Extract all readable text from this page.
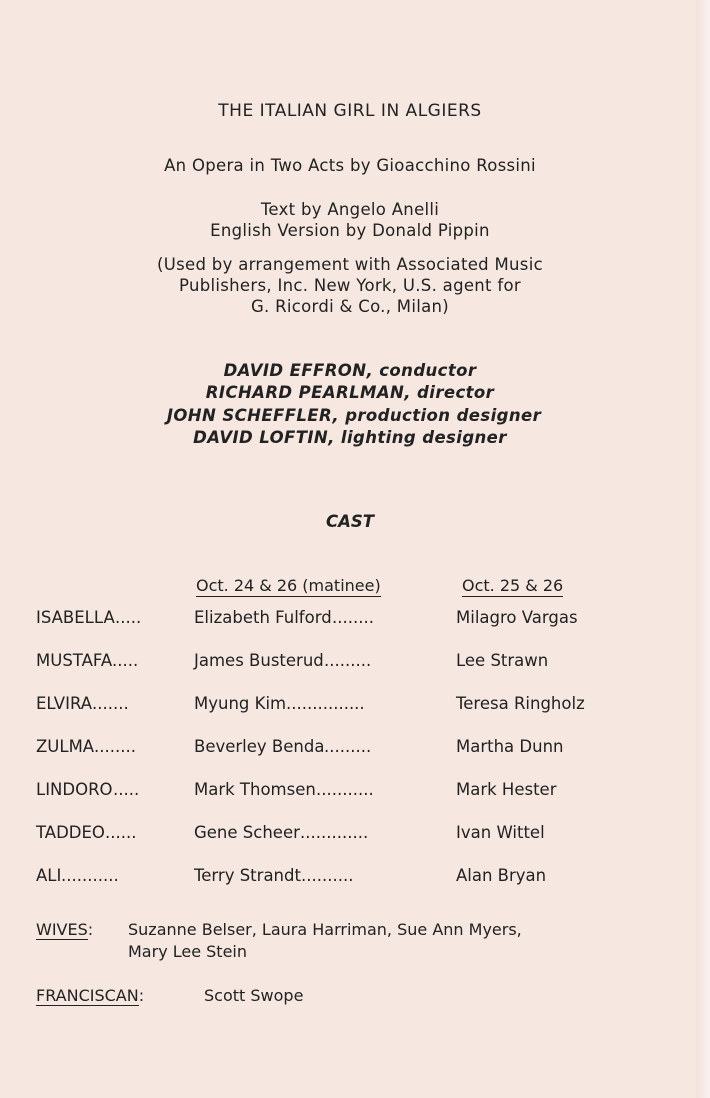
THE ITALIAN GIRL IN ALGIERS
An Opera in Two Acts by Gioacchino Rossini
Text by Angelo Anelli
English Version by Donald Pippin
(Used by arrangement with Associated Music
Publishers, Inc. New York, U.S. agent for
G. Ricordi & Co., Milan)
DAVID EFFRON, conductor
RICHARD PEARLMAN, director
JOHN SCHEFFLER, production designer
DAVID LOFTIN, lighting designer
CAST
Oct. 24 & 26 (matinee)	Oct. 25 & 26
ISABELLA .....	Elizabeth Fulford ........	Milagro Vargas
MUSTAFA .....	James Busterud .........	Lee Strawn
ELVIRA .......	Myung Kim ...............	Teresa Ringholz
ZULMA ........	Beverley Benda .........	Martha Dunn
LINDORO .....	Mark Thomsen ...........	Mark Hester
TADDEO ......	Gene Scheer .............	Ivan Wittel
ALI ...........	Terry Strandt ..........	Alan Bryan
WIVES: Suzanne Belser, Laura Harriman, Sue Ann Myers,
Mary Lee Stein
FRANCISCAN:	Scott Swope
